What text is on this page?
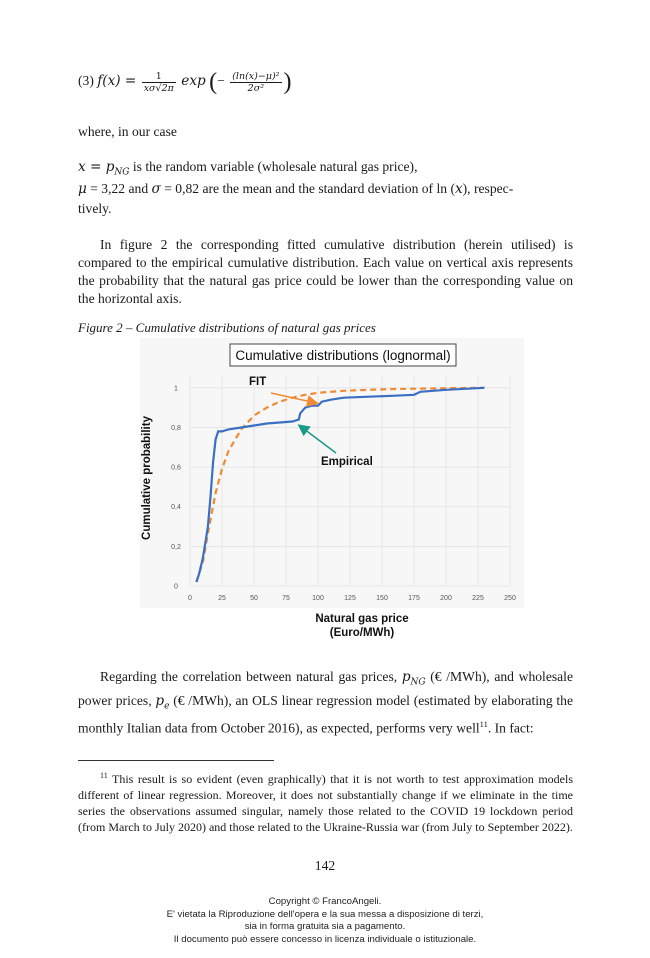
(3) $f(x) = \frac{1}{x\sigma√2\pi}$ exp (− $\frac{\text{(ln(x)−μ)²}}{\text{2σ²}}$ )
where, in our case
$x = p_{NG}$ is the random variable (wholesale natural gas price),
μ = 3,22 and σ = 0,82 are the mean and the standard deviation of ln (x), respec-
tively.
In figure 2 the corresponding fitted cumulative distribution (herein utilised) is compared to the empirical cumulative distribution. Each value on vertical axis represents the probability that the natural gas price could be lower than the corresponding value on the horizontal axis.
Figure 2 – Cumulative distributions of natural gas prices
Cumulative distributions (lognormal)
Cumulative probability
0	25	50	75	100	125	150	175	200	225	250
0
0,2
0,4
0,6
0,8
1
FIT
Empirical
Natural gas price
(Euro/MWh)
Regarding the correlation between natural gas prices, $p_{NG}$ (€ /MWh), and wholesale power prices, $p_e$ (€ /MWh), an OLS linear regression model (estimated by elaborating the monthly Italian data from October 2016), as expected, performs very well$^{11}$. In fact:
$^{11}$ This result is so evident (even graphically) that it is not worth to test approximation models different of linear regression. Moreover, it does not substantially change if we eliminate in the time series the observations assumed singular, namely those related to the COVID 19 lockdown period (from March to July 2020) and those related to the Ukraine-Russia war (from July to September 2022).
142
Copyright © FrancoAngeli.
E' vietata la Riproduzione dell'opera e la sua messa a disposizione di terzi,
sia in forma gratuita sia a pagamento.
Il documento può essere concesso in licenza individuale o istituzionale.
